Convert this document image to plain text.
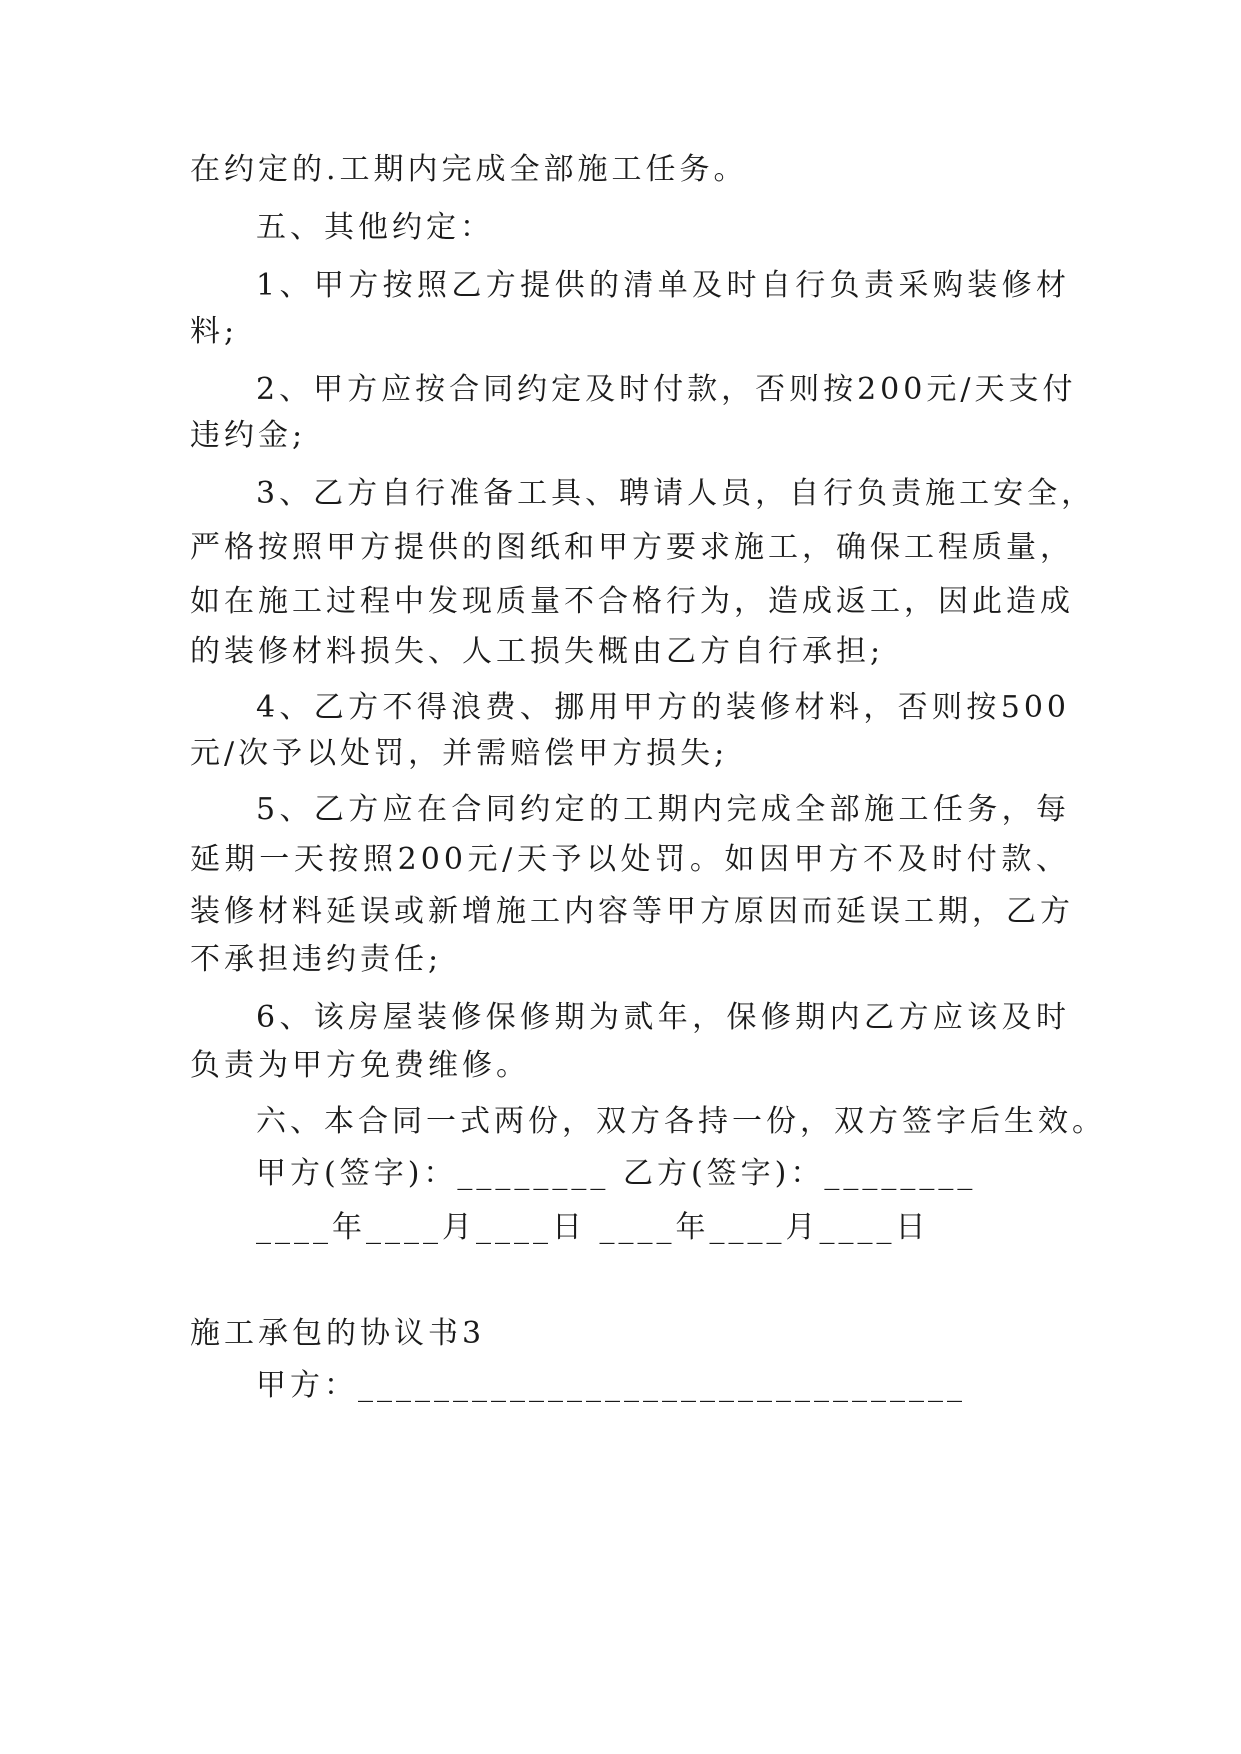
在约定的.工期内完成全部施工任务。
五、其他约定：
1、甲方按照乙方提供的清单及时自行负责采购装修材
料;
2、甲方应按合同约定及时付款，否则按200元/天支付
违约金;
3、乙方自行准备工具、聘请人员，自行负责施工安全，
严格按照甲方提供的图纸和甲方要求施工，确保工程质量，
如在施工过程中发现质量不合格行为，造成返工，因此造成
的装修材料损失、人工损失概由乙方自行承担;
4、乙方不得浪费、挪用甲方的装修材料，否则按500
元/次予以处罚，并需赔偿甲方损失;
5、乙方应在合同约定的工期内完成全部施工任务，每
延期一天按照200元/天予以处罚。如因甲方不及时付款、
装修材料延误或新增施工内容等甲方原因而延误工期，乙方
不承担违约责任;
6、该房屋装修保修期为贰年，保修期内乙方应该及时
负责为甲方免费维修。
六、本合同一式两份，双方各持一份，双方签字后生效。
甲方(签字)：________ 乙方(签字)：________
____年____月____日 ____年____月____日
施工承包的协议书3
甲方：________________________________
